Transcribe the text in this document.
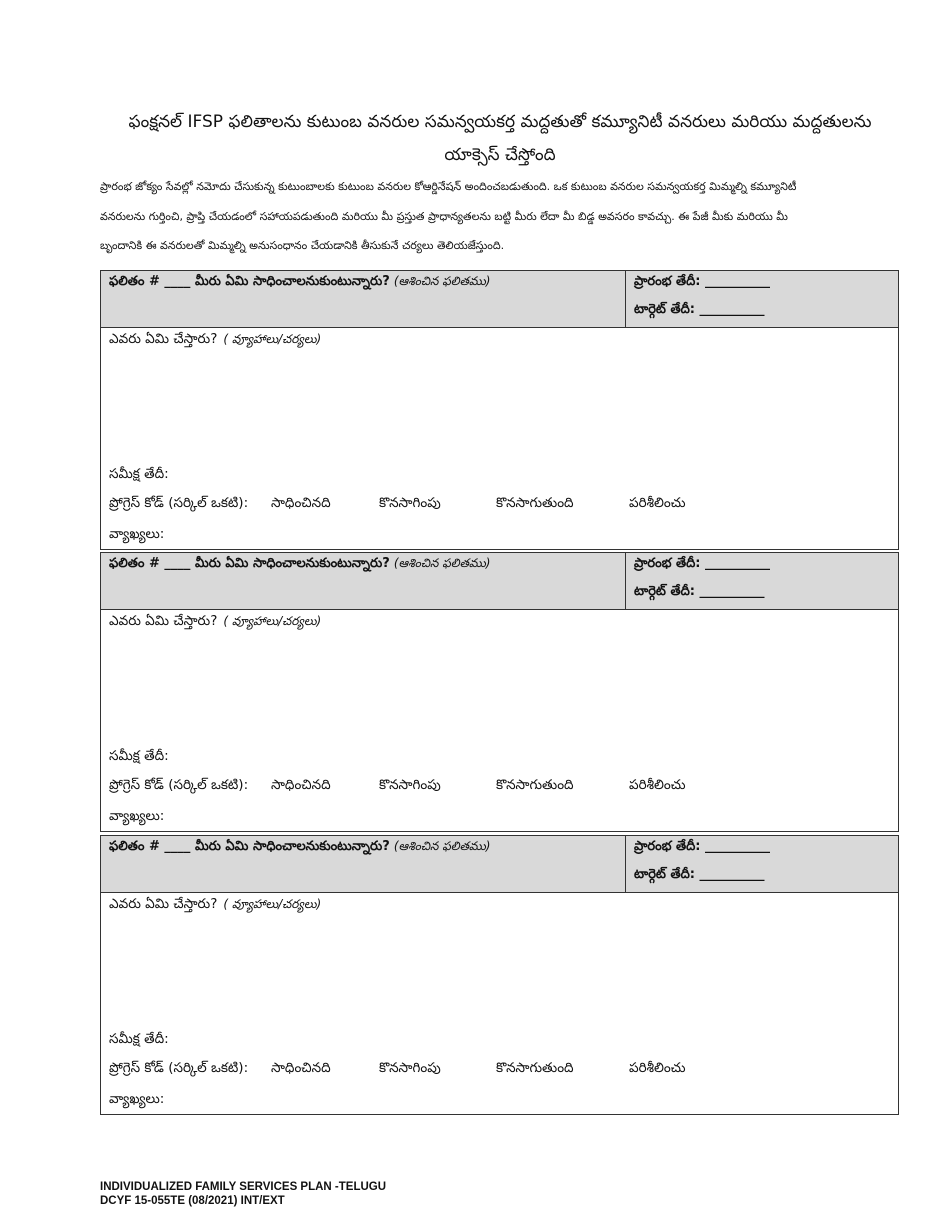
ఫంక్షనల్ IFSP ఫలితాలను కుటుంబ వనరుల సమన్వయకర్త మద్దతుతో కమ్యూనిటీ వనరులు మరియు మద్దతులను
యాక్సెస్ చేస్తోంది
ప్రారంభ జోక్యం సేవల్లో నమోదు చేసుకున్న కుటుంబాలకు కుటుంబ వనరుల కోఆర్డినేషన్ అందించబడుతుంది. ఒక కుటుంబ వనరుల సమన్వయకర్త మిమ్మల్ని కమ్యూనిటీ
వనరులను గుర్తించి, ప్రాప్తి చేయడంలో సహాయపడుతుంది మరియు మీ ప్రస్తుత ప్రాధాన్యతలను బట్టి మీరు లేదా మీ బిడ్డ అవసరం కావచ్చు. ఈ పేజీ మీకు మరియు మీ
బృందానికి ఈ వనరులతో మిమ్మల్ని అనుసంధానం చేయడానికి తీసుకునే చర్యలు తెలియజేస్తుంది.
ఫలితం # ____ మీరు ఏమి సాధించాలనుకుంటున్నారు? (ఆశించిన ఫలితము)	ప్రారంభ తేదీ: __________
టార్గెట్ తేదీ: __________
ఎవరు ఏమి చేస్తారు? ( వ్యూహాలు/చర్యలు)
సమీక్ష తేదీ:
ప్రోగ్రెస్ కోడ్ (సర్కిల్ ఒకటి): సాధించినది	కొనసాగింపు	కొనసాగుతుంది	పరిశీలించు
వ్యాఖ్యలు:
ఫలితం # ____ మీరు ఏమి సాధించాలనుకుంటున్నారు? (ఆశించిన ఫలితము)	ప్రారంభ తేదీ: __________
టార్గెట్ తేదీ: __________
ఎవరు ఏమి చేస్తారు? ( వ్యూహాలు/చర్యలు)
సమీక్ష తేదీ:
ప్రోగ్రెస్ కోడ్ (సర్కిల్ ఒకటి): సాధించినది	కొనసాగింపు	కొనసాగుతుంది	పరిశీలించు
వ్యాఖ్యలు:
ఫలితం # ____ మీరు ఏమి సాధించాలనుకుంటున్నారు? (ఆశించిన ఫలితము)	ప్రారంభ తేదీ: __________
టార్గెట్ తేదీ: __________
ఎవరు ఏమి చేస్తారు? ( వ్యూహాలు/చర్యలు)
సమీక్ష తేదీ:
ప్రోగ్రెస్ కోడ్ (సర్కిల్ ఒకటి): సాధించినది	కొనసాగింపు	కొనసాగుతుంది	పరిశీలించు
వ్యాఖ్యలు:
INDIVIDUALIZED FAMILY SERVICES PLAN -TELUGU
DCYF 15-055TE (08/2021) INT/EXT
